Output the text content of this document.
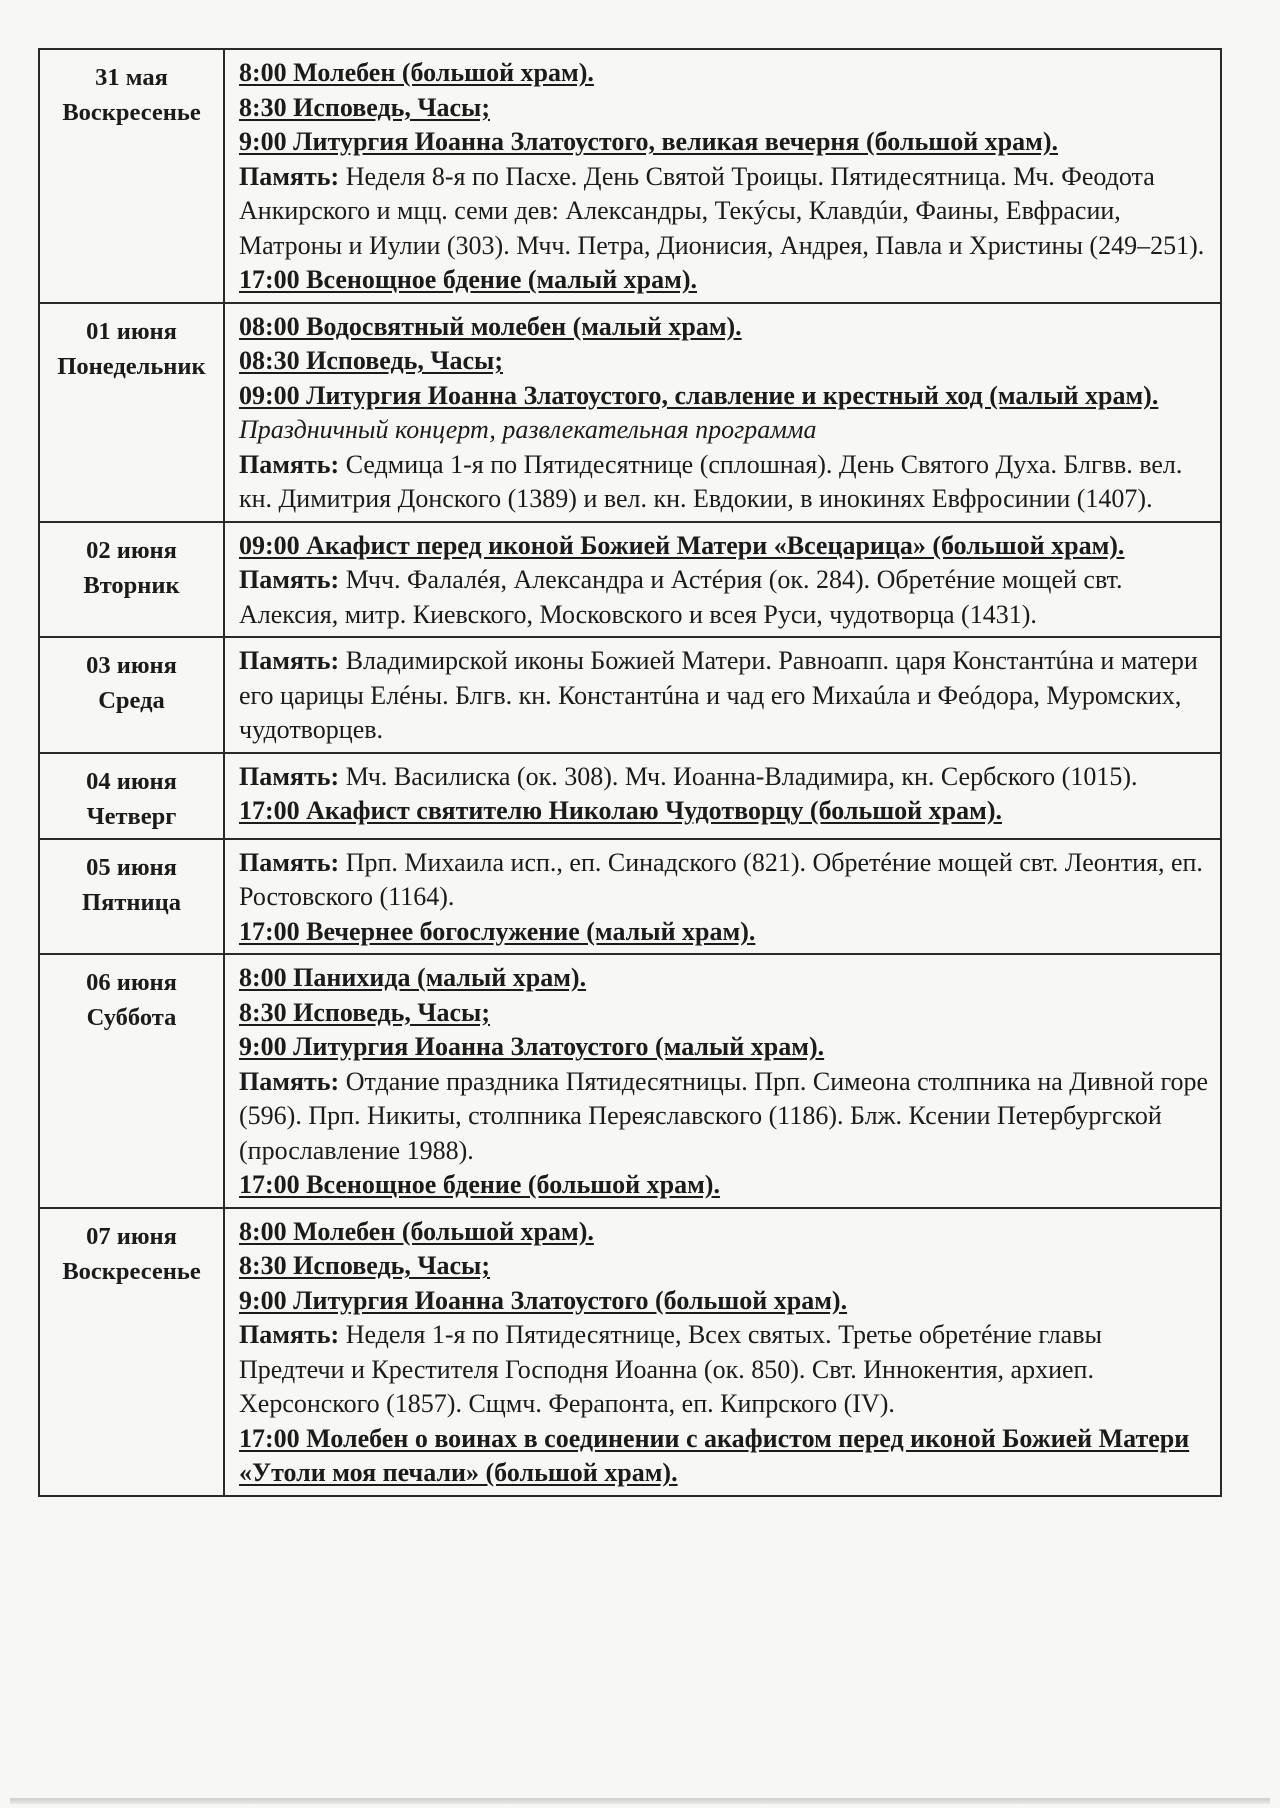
31 мая
Воскресенье	8:00 Молебен (большой храм).
8:30 Исповедь, Часы;
9:00 Литургия Иоанна Златоустого, великая вечерня (большой храм).
Память: Неделя 8-я по Пасхе. День Святой Троицы. Пятидесятница. Мч. Феодота Анкирского и мцц. семи дев: Александры, Текýсы, Клавдúи, Фаины, Евфрасии, Матроны и Иулии (303). Мчч. Петра, Дионисия, Андрея, Павла и Христины (249–251).
17:00 Всенощное бдение (малый храм).

01 июня
Понедельник	08:00 Водосвятный молебен (малый храм).
08:30 Исповедь, Часы;
09:00 Литургия Иоанна Златоустого, славление и крестный ход (малый храм).
Праздничный концерт, развлекательная программа
Память: Седмица 1-я по Пятидесятнице (сплошная). День Святого Духа. Блгвв. вел. кн. Димитрия Донского (1389) и вел. кн. Евдокии, в инокинях Евфросинии (1407).

02 июня
Вторник	09:00 Акафист перед иконой Божией Матери «Всецарица» (большой храм).
Память: Мчч. Фалалéя, Александра и Астéрия (ок. 284). Обретéние мощей свт. Алексия, митр. Киевского, Московского и всея Руси, чудотворца (1431).

03 июня
Среда	Память: Владимирской иконы Божией Матери. Равноапп. царя Константúна и матери его царицы Елéны. Блгв. кн. Константúна и чад его Михаúла и Феóдора, Муромских, чудотворцев.

04 июня
Четверг	Память: Мч. Василиска (ок. 308). Мч. Иоанна-Владимира, кн. Сербского (1015).
17:00 Акафист святителю Николаю Чудотворцу (большой храм).

05 июня
Пятница	Память: Прп. Михаила исп., еп. Синадского (821). Обретéние мощей свт. Леонтия, еп. Ростовского (1164).
17:00 Вечернее богослужение (малый храм).

06 июня
Суббота	8:00 Панихида (малый храм).
8:30 Исповедь, Часы;
9:00 Литургия Иоанна Златоустого (малый храм).
Память: Отдание праздника Пятидесятницы. Прп. Симеона столпника на Дивной горе (596). Прп. Никиты, столпника Переяславского (1186). Блж. Ксении Петербургской (прославление 1988).
17:00 Всенощное бдение (большой храм).

07 июня
Воскресенье	8:00 Молебен (большой храм).
8:30 Исповедь, Часы;
9:00 Литургия Иоанна Златоустого (большой храм).
Память: Неделя 1-я по Пятидесятнице, Всех святых. Третье обретéние главы Предтечи и Крестителя Господня Иоанна (ок. 850). Свт. Иннокентия, архиеп. Херсонского (1857). Сщмч. Ферапонта, еп. Кипрского (IV).
17:00 Молебен о воинах в соединении с акафистом перед иконой Божией Матери «Утоли моя печали» (большой храм).
